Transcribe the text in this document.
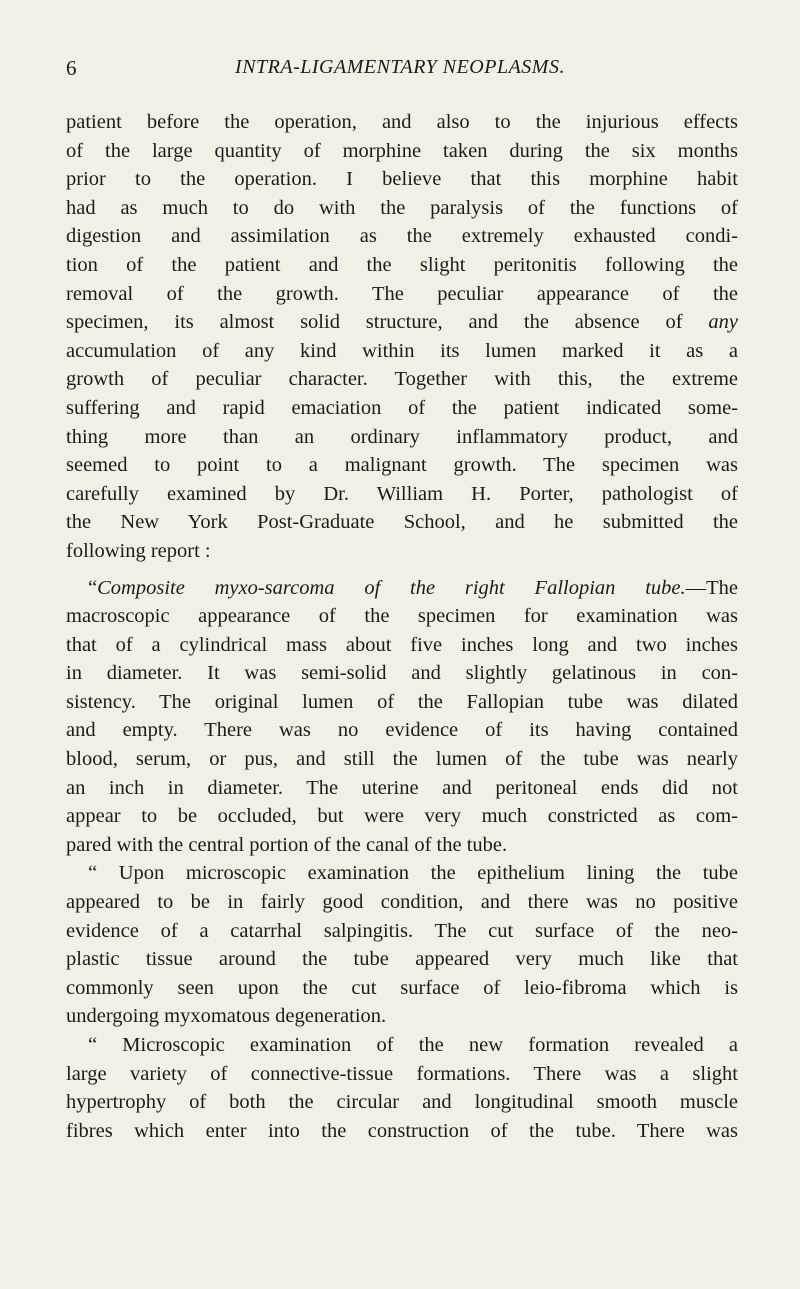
6	INTRA-LIGAMENTARY NEOPLASMS.
patient before the operation, and also to the injurious effects
of the large quantity of morphine taken during the six months
prior to the operation. I believe that this morphine habit
had as much to do with the paralysis of the functions of
digestion and assimilation as the extremely exhausted condi-
tion of the patient and the slight peritonitis following the
removal of the growth. The peculiar appearance of the
specimen, its almost solid structure, and the absence of any
accumulation of any kind within its lumen marked it as a
growth of peculiar character. Together with this, the extreme
suffering and rapid emaciation of the patient indicated some-
thing more than an ordinary inflammatory product, and
seemed to point to a malignant growth. The specimen was
carefully examined by Dr. William H. Porter, pathologist of
the New York Post-Graduate School, and he submitted the
following report :
“Composite myxo-sarcoma of the right Fallopian tube.—The
macroscopic appearance of the specimen for examination was
that of a cylindrical mass about five inches long and two inches
in diameter. It was semi-solid and slightly gelatinous in con-
sistency. The original lumen of the Fallopian tube was dilated
and empty. There was no evidence of its having contained
blood, serum, or pus, and still the lumen of the tube was nearly
an inch in diameter. The uterine and peritoneal ends did not
appear to be occluded, but were very much constricted as com-
pared with the central portion of the canal of the tube.
“ Upon microscopic examination the epithelium lining the tube
appeared to be in fairly good condition, and there was no positive
evidence of a catarrhal salpingitis. The cut surface of the neo-
plastic tissue around the tube appeared very much like that
commonly seen upon the cut surface of leio-fibroma which is
undergoing myxomatous degeneration.
“ Microscopic examination of the new formation revealed a
large variety of connective-tissue formations. There was a slight
hypertrophy of both the circular and longitudinal smooth muscle
fibres which enter into the construction of the tube. There was
